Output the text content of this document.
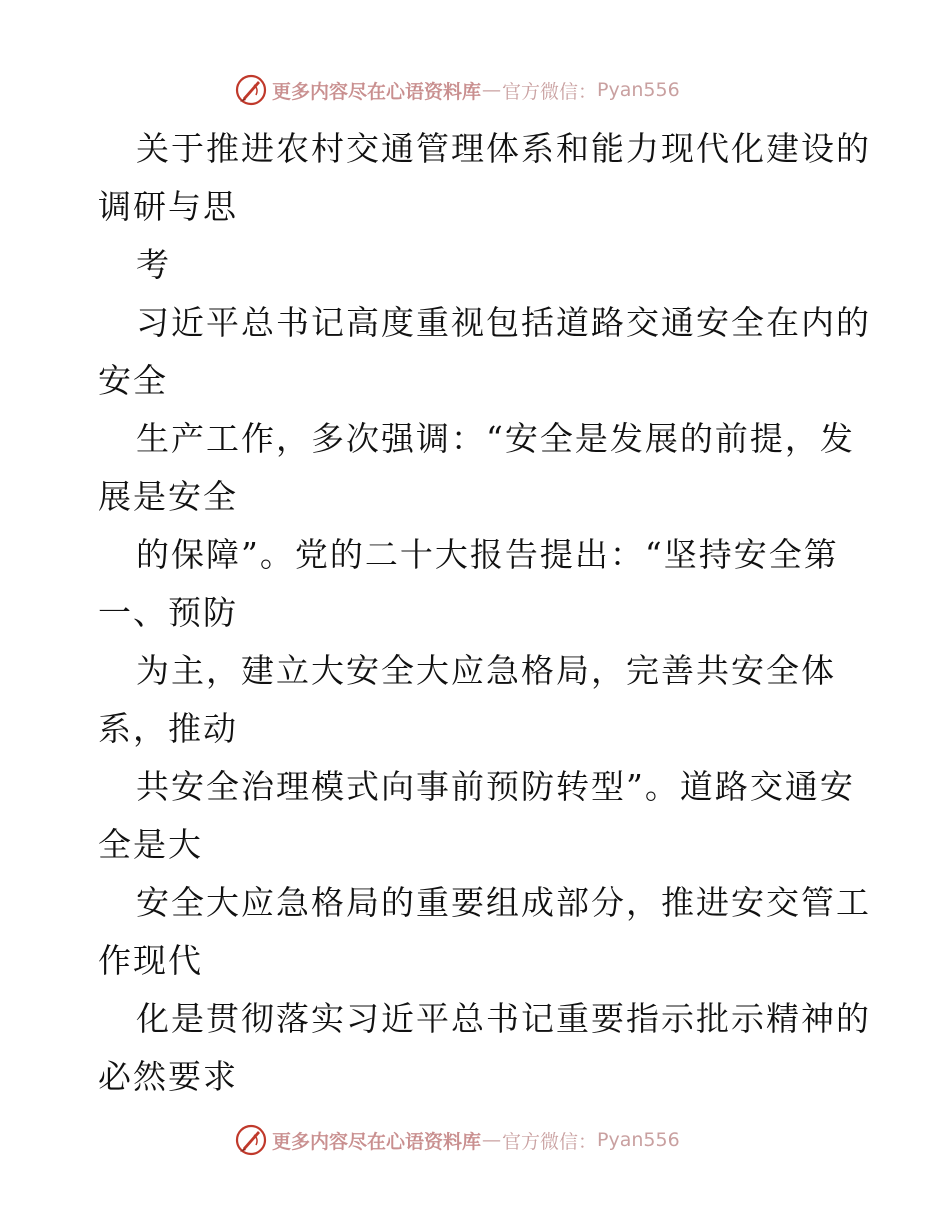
更多内容尽在心语资料库 — 官方微信： Pyan556
关于推进农村交通管理体系和能力现代化建设的
调研与思
考
习近平总书记高度重视包括道路交通安全在内的
安全
生产工作，多次强调：“安全是发展的前提，发
展是安全
的保障”。党的二十大报告提出：“坚持安全第
一、预防
为主，建立大安全大应急格局，完善共安全体
系，推动
共安全治理模式向事前预防转型”。道路交通安
全是大
安全大应急格局的重要组成部分，推进安交管工
作现代
化是贯彻落实习近平总书记重要指示批示精神的
必然要求
更多内容尽在心语资料库 — 官方微信： Pyan556
